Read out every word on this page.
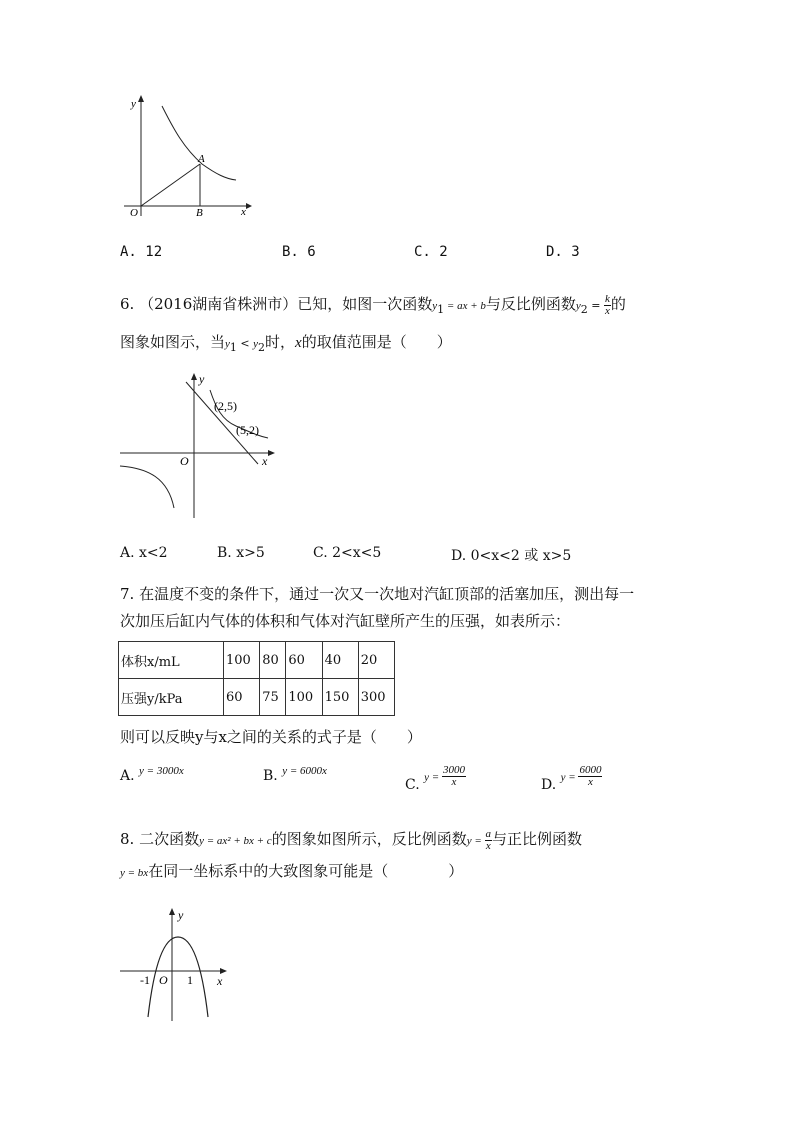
y
x
O
A
B
A. 12	B. 6	C. 2	D. 3
6. （2016湖南省株洲市）已知，如图一次函数$y_1$ = ax + b与反比例函数$y_2 = \frac{k}{x}$ 的
图象如图示，当$y_1 < y_2$时，x的取值范围是（　　）
y
x
O
(2,5)
(5,2)
A. x<2	B. x>5	C. 2<x<5	D. 0<x<2 或 x>5
7. 在温度不变的条件下，通过一次又一次地对汽缸顶部的活塞加压，测出每一
次加压后缸内气体的体积和气体对汽缸壁所产生的压强，如表所示：
体积x/mL	100	80	60	40	20
压强y/kPa	60	75	100	150	300
则可以反映y与x之间的关系的式子是（　　）
A. $^{y = 3000x}$	B. $^{y = 6000x}$
C. $y = \frac{3000}{x}$	D. $y = \frac{6000}{x}$
8. 二次函数y = ax² + bx + c的图象如图所示，反比例函数$y = \frac{a}{x}$ 与正比例函数
y = bx在同一坐标系中的大致图象可能是（　　　　）
y
x
-1 O 1
